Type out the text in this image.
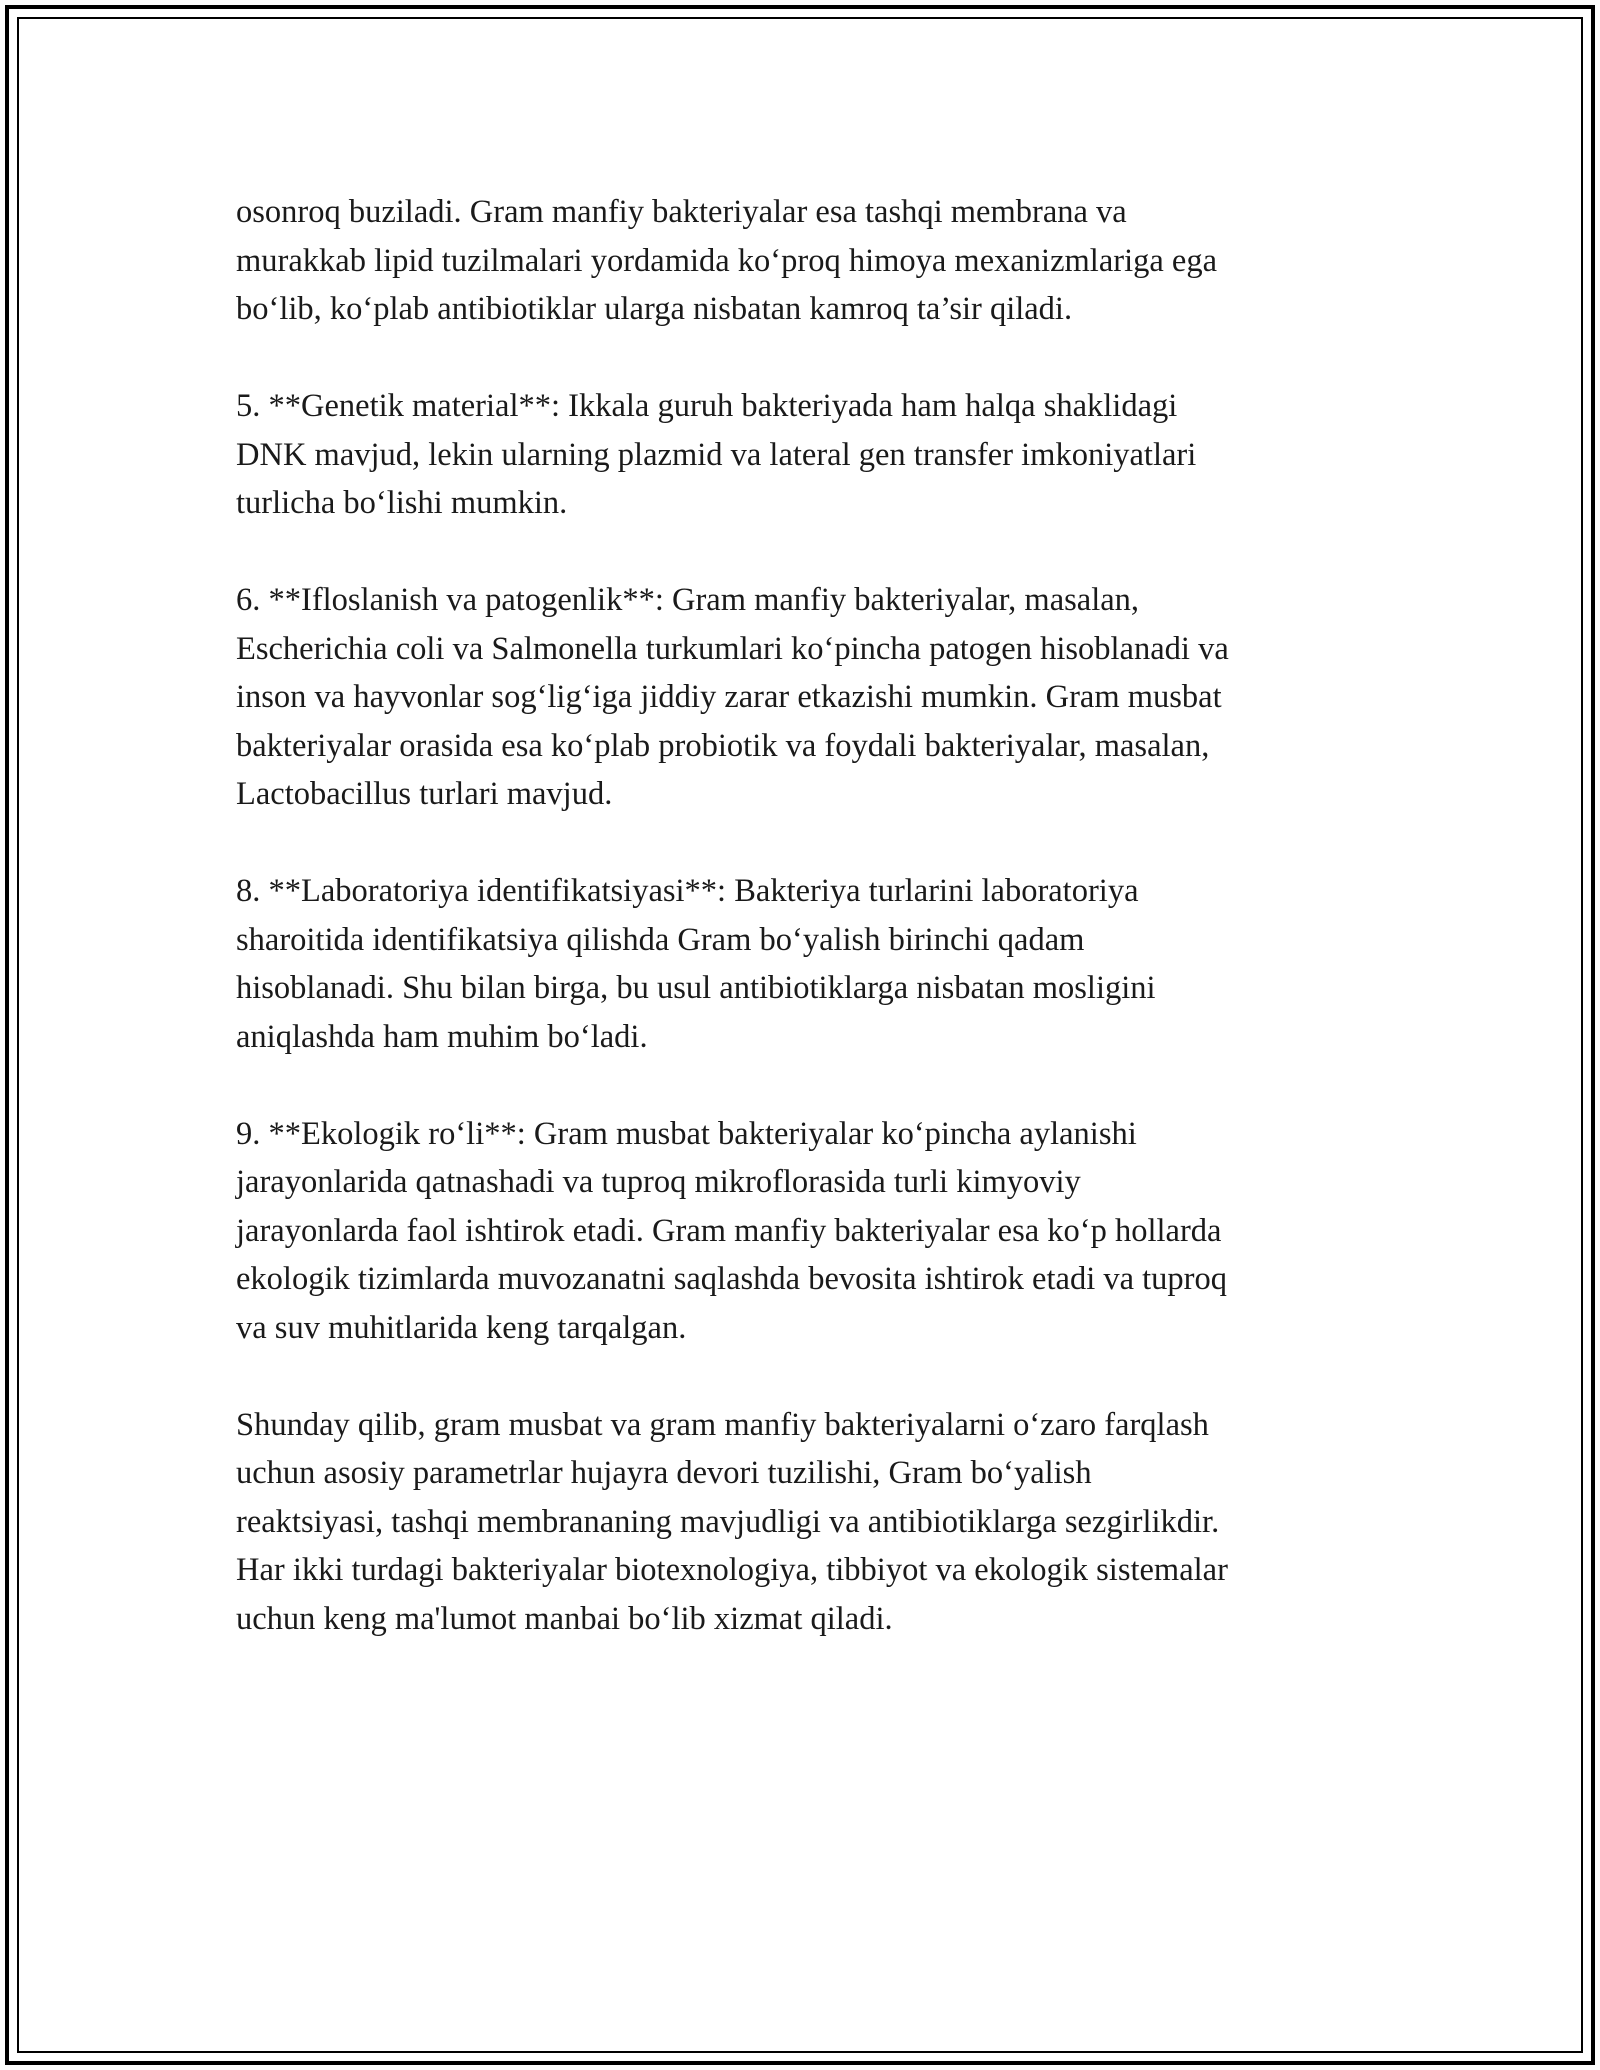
osonroq buziladi. Gram manfiy bakteriyalar esa tashqi membrana va
murakkab lipid tuzilmalari yordamida ko‘proq himoya mexanizmlariga ega
bo‘lib, ko‘plab antibiotiklar ularga nisbatan kamroq ta’sir qiladi.

5. **Genetik material**: Ikkala guruh bakteriyada ham halqa shaklidagi
DNK mavjud, lekin ularning plazmid va lateral gen transfer imkoniyatlari
turlicha bo‘lishi mumkin.

6. **Ifloslanish va patogenlik**: Gram manfiy bakteriyalar, masalan,
Escherichia coli va Salmonella turkumlari ko‘pincha patogen hisoblanadi va
inson va hayvonlar sog‘lig‘iga jiddiy zarar etkazishi mumkin. Gram musbat
bakteriyalar orasida esa ko‘plab probiotik va foydali bakteriyalar, masalan,
Lactobacillus turlari mavjud.

8. **Laboratoriya identifikatsiyasi**: Bakteriya turlarini laboratoriya
sharoitida identifikatsiya qilishda Gram bo‘yalish birinchi qadam
hisoblanadi. Shu bilan birga, bu usul antibiotiklarga nisbatan mosligini
aniqlashda ham muhim bo‘ladi.

9. **Ekologik ro‘li**: Gram musbat bakteriyalar ko‘pincha aylanishi
jarayonlarida qatnashadi va tuproq mikroflorasida turli kimyoviy
jarayonlarda faol ishtirok etadi. Gram manfiy bakteriyalar esa ko‘p hollarda
ekologik tizimlarda muvozanatni saqlashda bevosita ishtirok etadi va tuproq
va suv muhitlarida keng tarqalgan.

Shunday qilib, gram musbat va gram manfiy bakteriyalarni o‘zaro farqlash
uchun asosiy parametrlar hujayra devori tuzilishi, Gram bo‘yalish
reaktsiyasi, tashqi membrananing mavjudligi va antibiotiklarga sezgirlikdir.
Har ikki turdagi bakteriyalar biotexnologiya, tibbiyot va ekologik sistemalar
uchun keng ma'lumot manbai bo‘lib xizmat qiladi.
